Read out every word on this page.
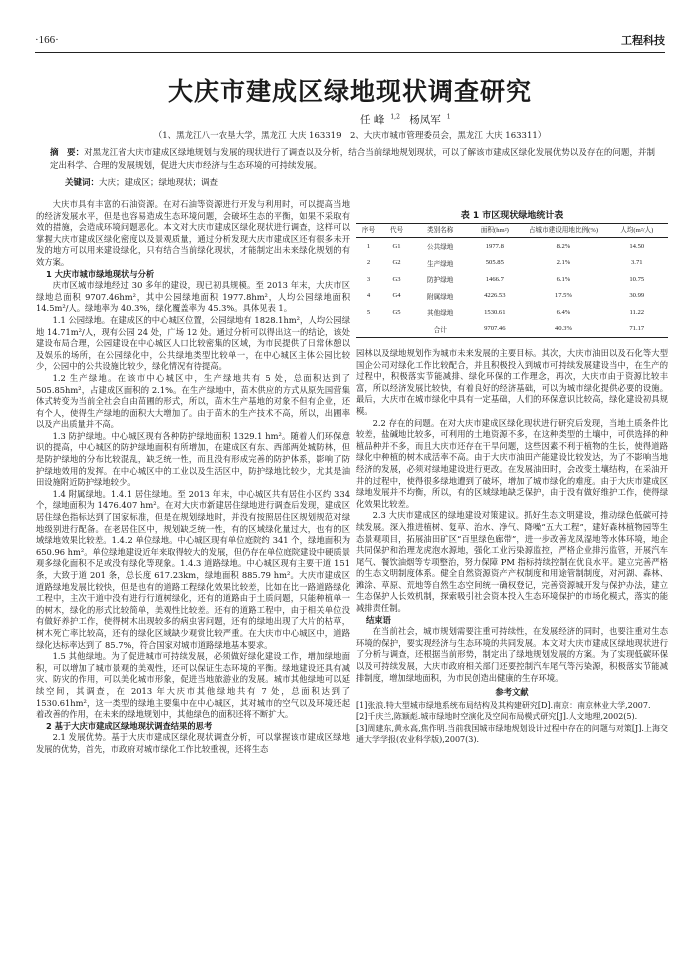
·166·	工程科技
大庆市建成区绿地现状调查研究
任 峰 $^{1,2}$ 杨凤军 $^1$
（1、黑龙江八一农垦大学，黑龙江 大庆 163319　2、大庆市城市管理委员会，黑龙江 大庆 163311）
摘　要：对黑龙江省大庆市建成区绿地规划与发展的现状进行了调查以及分析，结合当前绿地规划现状，可以了解该市建成区绿化发展优势以及存在的问题，并制定出科学、合理的发展规划，促进大庆市经济与生态环境的可持续发展。
关键词：大庆；建成区；绿地现状；调查

大庆市具有丰富的石油资源。在对石油等资源进行开发与利用时，可以提高当地的经济发展水平，但是也容易造成生态环境问题，会破坏生态的平衡，如果不采取有效的措施，会造成环境问题恶化。本文对大庆市建成区绿化现状进行调查，这样可以掌握大庆市建成区绿化密度以及景观质量，通过分析发现大庆市建成区还有很多未开发的地方可以用来建设绿化，只有结合当前绿化现状，才能制定出未来绿化规划的有效方案。

1 大庆市城市绿地现状与分析

庆市区城市绿地经过 30 多年的建设，现已初具规模。至 2013 年末，大庆市区绿地总面积 9707.46hm²，其中公园绿地面积 1977.8hm²，人均公园绿地面积 14.5m²/人。绿地率为 40.3%，绿化覆盖率为 45.3%。具体见表 1。

1.1 公园绿地。在建成区的中心城区位置，公园绿地有 1828.1hm²，人均公园绿地 14.71m²/人，现有公园 24 处，广场 12 处。通过分析可以得出这一的结论，该处建设布局合理，公园建设在中心城区人口比较密集的区域，为市民提供了日常休憩以及娱乐的场所，在公园绿化中，公共绿地类型比较单一，在中心城区主体公园比较少，公园中的公共设施比较少，绿化情况有待提高。

1.2 生产绿地。在该市中心城区中，生产绿地共有 5 处，总面积达到了 505.85hm²，占建成区面积的 2.1%。在生产绿地中，苗木供应的方式从原先国营集体式转变为当前全社会自由苗圃的形式，所以，苗木生产基地的对象不但有企业，还有个人，使得生产绿地的面积大大增加了。由于苗木的生产技术不高，所以，出圃率以及产出质量并不高。

1.3 防护绿地。中心城区现有各种防护绿地面积 1329.1 hm²。随着人们环保意识的提高，中心城区的防护绿地面积有所增加，在建成区有东、西部两处城防林，但是防护绿地的分布比较混乱，缺乏统一性，而且没有形成完善的防护体系，影响了防护绿地效用的发挥。在中心城区中的工业以及生活区中，防护绿地比较少，尤其是油田设施附近防护绿地较少。

1.4 附属绿地。1.4.1 居住绿地。至 2013 年末，中心城区共有居住小区约 334 个，绿地面积为 1476.407 hm²。在对大庆市新建居住绿地进行调查后发现，建成区居住绿色指标达到了国家标准，但是在规划绿地时，并没有按照居住区规划规范对绿地级别进行配备。在老居住区中，规划缺乏统一性，有的区域绿化量过大，也有的区域绿地效果比较差。1.4.2 单位绿地。中心城区现有单位庭院约 341 个，绿地面积为 650.96 hm²。单位绿地建设近年来取得较大的发展，但仍存在单位庭院建设中硬质景观多绿化面积不足或没有绿化等现象。1.4.3 道路绿地。中心城区现有主要干道 151 条，大致于道 201 条，总长度 617.23km，绿地面积 885.79 hm²。大庆市建成区道路绿地发展比较快，但是也有的道路工程绿化效果比较差，比如在比一路道路绿化工程中，主次干道中没有进行行道树绿化，还有的道路由于土质问题，只能种植单一的树木，绿化的形式比较简单，美观性比较差。还有的道路工程中，由于相关单位没有做好养护工作，使得树木出现较多的病虫害问题，还有的绿地出现了大片的枯草，树木死亡率比较高，还有的绿化区域缺少观赏比较严重。在大庆市中心城区中，道路绿化达标率达到了 85.7%，符合国家对城市道路绿地基本要求。

1.5 其他绿地。为了促进城市可持续发展，必须做好绿化建设工作，增加绿地面积，可以增加了城市景观的美观性，还可以保证生态环境的平衡。绿地建设还具有减灾、防灾的作用，可以美化城市形象，促进当地旅游业的发展。城市其他绿地可以延续空间，其调查，在 2013 年大庆市其他绿地共有 7 处，总面积达到了 1530.61hm²，这一类型的绿地主要集中在中心城区，其对城市的空气以及环境还起着改善的作用，在未来的绿地规划中，其他绿色的面积还将不断扩大。

2 基于大庆市建成区绿地现状调查结果的思考

2.1 发展优势。基于大庆市建成区绿化现状调查分析，可以掌握该市建成区绿地发展的优势，首先，市政府对城市绿化工作比较重视，还将生态

表 1 市区现状绿地统计表
序号	代号	类别名称	面积(hm²)	占城市建设用地比例(%)	人均(m²/人)
1	G1	公共绿地	1977.8	8.2%	14.50
2	G2	生产绿地	505.85	2.1%	3.71
3	G3	防护绿地	1466.7	6.1%	10.75
4	G4	附属绿地	4226.53	17.5%	30.99
5	G5	其他绿地	1530.61	6.4%	11.22
		合计	9707.46	40.3%	71.17

园林以及绿地规划作为城市未来发展的主要目标。其次，大庆市油田以及石化等大型国企公司对绿化工作比较配合，并且积极投入到城市可持续发展建设当中，在生产的过程中，积极落实节能减排、绿化环保的工作理念，再次，大庆市由于资源比较丰富，所以经济发展比较快，有着良好的经济基础，可以为城市绿化提供必要的设施。最后，大庆市在城市绿化中具有一定基础，人们的环保意识比较高，绿化建设初具规模。

2.2 存在的问题。在对大庆市建成区绿化现状进行研究后发现，当地土质条件比较差，盐碱地比较多，可利用的土地资源不多，在这种类型的土壤中，可供选择的种植品种并不多，而且大庆市还存在干旱问题，这些因素不利于植物的生长，使得道路绿化中种植的树木成活率不高。由于大庆市油田产能建设比较发达，为了不影响当地经济的发展，必须对绿地建设进行更改。在发展油田时，会改变土壤结构，在采油开井的过程中，使得很多绿地遭到了破坏，增加了城市绿化的难度。由于大庆市建成区绿地发展并不均衡，所以，有的区域绿地缺乏保护，由于没有做好维护工作，使得绿化效果比较差。

2.3 大庆市建成区的绿地建设对策建议。抓好生态文明建设，推动绿色低碳可持续发展。深入推进植树、复草、治水、净气、降噪“五大工程”，建好森林植物园等生态景观项目，拓展油田矿区“百里绿色廊带”，进一步改善龙凤湿地等水体环境，地企共同保护和治理龙虎泡水源地，强化工业污染源监控，严格企业排污监管，开展汽车尾气、餐饮油烟等专项整治，努力保障 PM 指标持续控制在优良水平。建立完善严格的生态文明制度体系。健全自然资源资产产权制度和用途管制制度，对河湖、森林、滩涂、草原、荒地等自然生态空间统一确权登记，完善资源城开发与保护办法，建立生态保护人长效机制，探索吸引社会资本投入生态环境保护的市场化模式，落实的能减排责任制。

结束语

在当前社会，城市规划需要注重可持续性，在发展经济的同时，也要注重对生态环境的保护，要实现经济与生态环境的共同发展。本文对大庆市建成区绿地现状进行了分析与调查，还根据当前形势，制定出了绿地规划发展的方案。为了实现低碳环保以及可持续发展，大庆市政府相关部门还要控制汽车尾气等污染源，积极落实节能减排制度，增加绿地面积，为市民创造出健康的生存环境。

参考文献

[1]张浪.特大型城市绿地系统布局结构及其构建研究[D].南京：南京林业大学,2007.

[2]千庆兰,陈颖彪.城市绿地时空演化及空间布局模式研究[J].人文地理,2002(5).

[3]周建东,黄永高,焦作明.当前我国城市绿地规划设计过程中存在的问题与对策[J].上海交通大学学报(农业科学版),2007(3).
